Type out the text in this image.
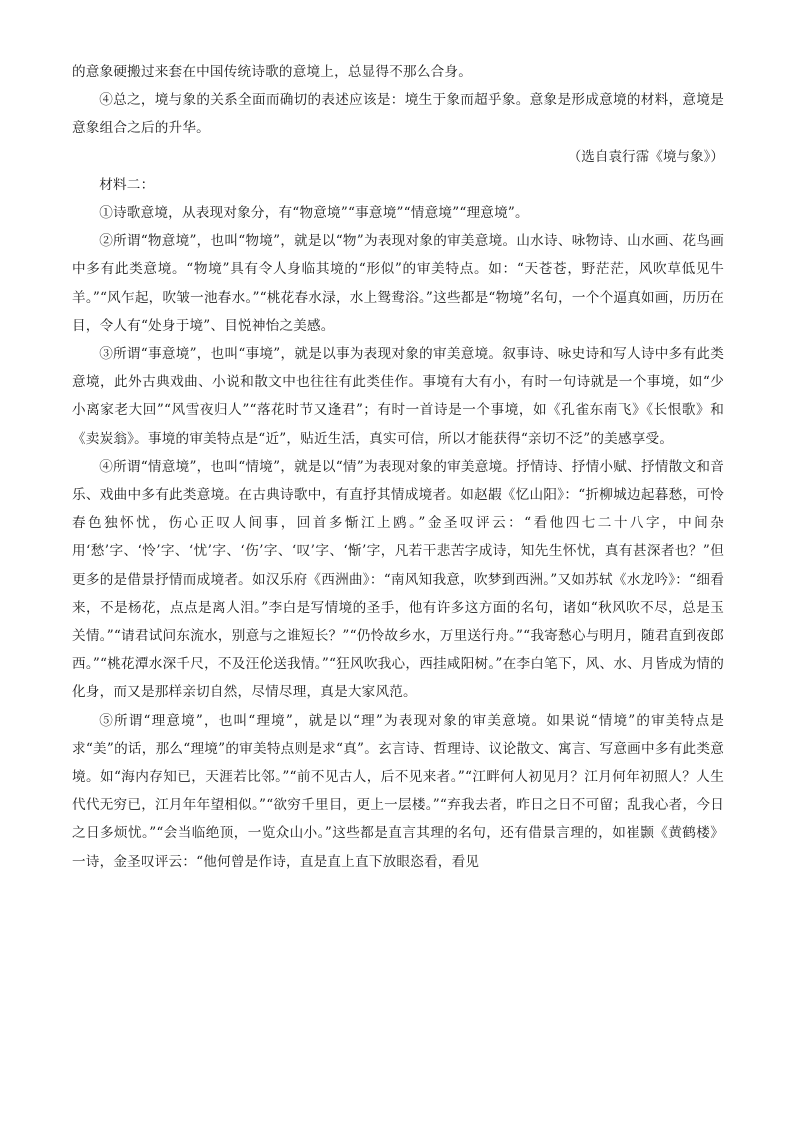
的意象硬搬过来套在中国传统诗歌的意境上，总显得不那么合身。

④总之，境与象的关系全面而确切的表述应该是：境生于象而超乎象。意象是形成意境的材料，意境是意象组合之后的升华。

（选自袁行霈《境与象》）

材料二：

①诗歌意境，从表现对象分，有“物意境”“事意境”“情意境”“理意境”。

②所谓“物意境”，也叫“物境”，就是以“物”为表现对象的审美意境。山水诗、咏物诗、山水画、花鸟画中多有此类意境。“物境”具有令人身临其境的“形似”的审美特点。如：“天苍苍，野茫茫，风吹草低见牛羊。”“风乍起，吹皱一池春水。”“桃花春水渌，水上鸳鸯浴。”这些都是“物境”名句，一个个逼真如画，历历在目，令人有“处身于境”、目悦神怡之美感。

③所谓“事意境”，也叫“事境”，就是以事为表现对象的审美意境。叙事诗、咏史诗和写人诗中多有此类意境，此外古典戏曲、小说和散文中也往往有此类佳作。事境有大有小，有时一句诗就是一个事境，如“少小离家老大回”“风雪夜归人”“落花时节又逢君”；有时一首诗是一个事境，如《孔雀东南飞》《长恨歌》和《卖炭翁》。事境的审美特点是“近”，贴近生活，真实可信，所以才能获得“亲切不泛”的美感享受。

④所谓“情意境”，也叫“情境”，就是以“情”为表现对象的审美意境。抒情诗、抒情小赋、抒情散文和音乐、戏曲中多有此类意境。在古典诗歌中，有直抒其情成境者。如赵嘏《忆山阳》：“折柳城边起暮愁，可怜春色独怀忧，伤心正叹人间事，回首多惭江上鸥。”金圣叹评云：“看他四七二十八字，中间杂用‘愁’字、‘怜’字、‘忧’字、‘伤’字、‘叹’字、‘惭’字，凡若干悲苦字成诗，知先生怀忧，真有甚深者也？”但更多的是借景抒情而成境者。如汉乐府《西洲曲》：“南风知我意，吹梦到西洲。”又如苏轼《水龙吟》：“细看来，不是杨花，点点是离人泪。”李白是写情境的圣手，他有许多这方面的名句，诸如“秋风吹不尽，总是玉关情。”“请君试问东流水，别意与之谁短长？”“仍怜故乡水，万里送行舟。”“我寄愁心与明月，随君直到夜郎西。”“桃花潭水深千尺，不及汪伦送我情。”“狂风吹我心，西挂咸阳树。”在李白笔下，风、水、月皆成为情的化身，而又是那样亲切自然，尽情尽理，真是大家风范。

⑤所谓“理意境”，也叫“理境”，就是以“理”为表现对象的审美意境。如果说“情境”的审美特点是求“美”的话，那么“理境”的审美特点则是求“真”。玄言诗、哲理诗、议论散文、寓言、写意画中多有此类意境。如“海内存知已，天涯若比邻。”“前不见古人，后不见来者。”“江畔何人初见月？江月何年初照人？人生代代无穷已，江月年年望相似。”“欲穷千里目，更上一层楼。”“弃我去者，昨日之日不可留；乱我心者，今日之日多烦忧。”“会当临绝顶，一览众山小。”这些都是直言其理的名句，还有借景言理的，如崔颢《黄鹤楼》一诗，金圣叹评云：“他何曾是作诗，直是直上直下放眼恣看，看见
